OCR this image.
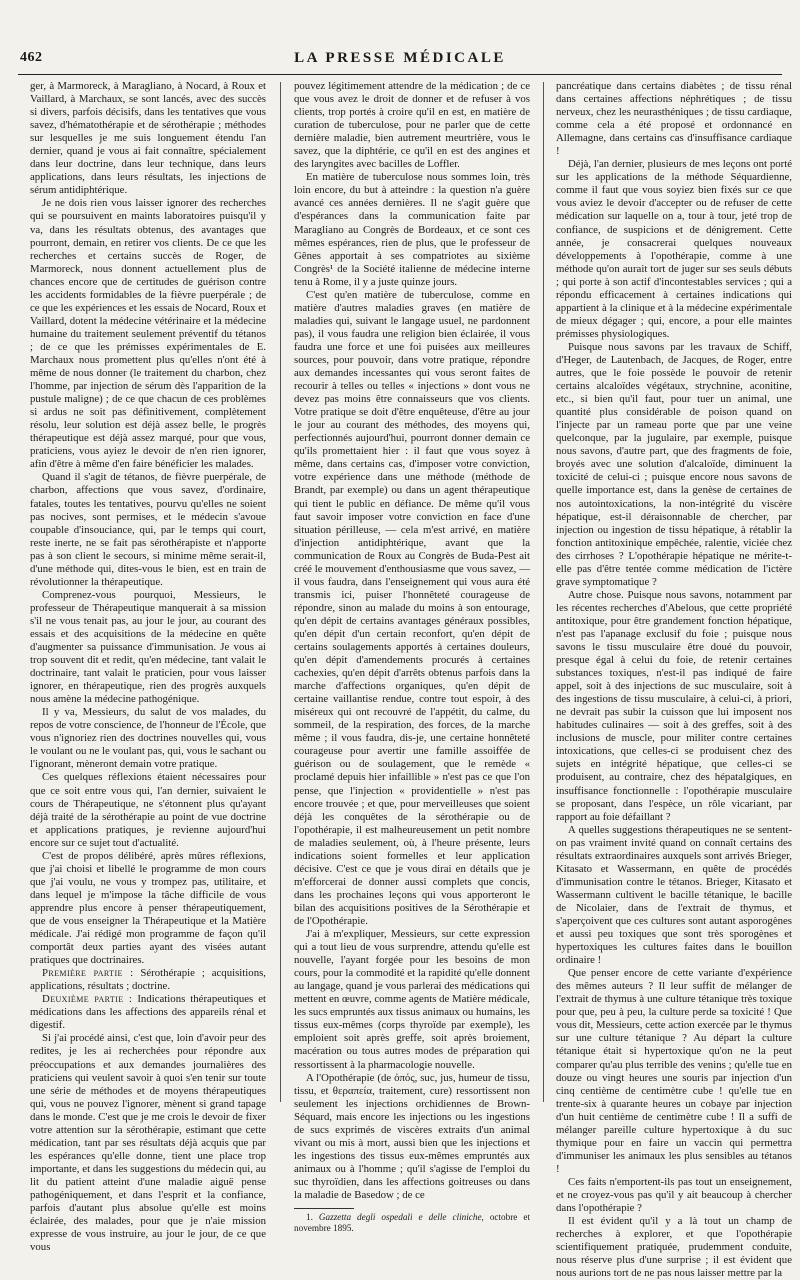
462	LA PRESSE MÉDICALE

ger, à Marmoreck, à Maragliano, à Nocard, à Roux et Vaillard, à Marchaux, se sont lancés, avec des succès si divers, parfois décisifs, dans les tentatives que vous savez, d'hématothérapie et de sérothérapie ; méthodes sur lesquelles je me suis longuement étendu l'an dernier, quand je vous ai fait connaître, spécialement dans leur doctrine, dans leur technique, dans leurs applications, dans leurs résultats, les injections de sérum antidiphtérique.

Je ne dois rien vous laisser ignorer des recherches qui se poursuivent en maints laboratoires puisqu'il y va, dans les résultats obtenus, des avantages que pourront, demain, en retirer vos clients. De ce que les recherches et certains succès de Roger, de Marmoreck, nous donnent actuellement plus de chances encore que de certitudes de guérison contre les accidents formidables de la fièvre puerpérale ; de ce que les expériences et les essais de Nocard, Roux et Vaillard, dotent la médecine vétérinaire et la médecine humaine du traitement seulement préventif du tétanos ; de ce que les prémisses expérimentales de E. Marchaux nous promettent plus qu'elles n'ont été à même de nous donner (le traitement du charbon, chez l'homme, par injection de sérum dès l'apparition de la pustule maligne) ; de ce que chacun de ces problèmes si ardus ne soit pas définitivement, complètement résolu, leur solution est déjà assez belle, le progrès thérapeutique est déjà assez marqué, pour que vous, praticiens, vous ayiez le devoir de n'en rien ignorer, afin d'être à même d'en faire bénéficier les malades.

Quand il s'agit de tétanos, de fièvre puerpérale, de charbon, affections que vous savez, d'ordinaire, fatales, toutes les tentatives, pourvu qu'elles ne soient pas nocives, sont permises, et le médecin s'avoue coupable d'insouciance, qui, par le temps qui court, reste inerte, ne se fait pas sérothérapiste et n'apporte pas à son client le secours, si minime même serait-il, d'une méthode qui, dites-vous le bien, est en train de révolutionner la thérapeutique.

Comprenez-vous pourquoi, Messieurs, le professeur de Thérapeutique manquerait à sa mission s'il ne vous tenait pas, au jour le jour, au courant des essais et des acquisitions de la médecine en quête d'augmenter sa puissance d'immunisation. Je vous ai trop souvent dit et redit, qu'en médecine, tant valait le doctrinaire, tant valait le praticien, pour vous laisser ignorer, en thérapeutique, rien des progrès auxquels nous amène la médecine pathogénique.

Il y va, Messieurs, du salut de vos malades, du repos de votre conscience, de l'honneur de l'École, que vous n'ignoriez rien des doctrines nouvelles qui, vous le voulant ou ne le voulant pas, qui, vous le sachant ou l'ignorant, mèneront demain votre pratique.

Ces quelques réflexions étaient nécessaires pour que ce soit entre vous qui, l'an dernier, suivaient le cours de Thérapeutique, ne s'étonnent plus qu'ayant déjà traité de la sérothérapie au point de vue doctrine et applications pratiques, je revienne aujourd'hui encore sur ce sujet tout d'actualité.

C'est de propos délibéré, après mûres réflexions, que j'ai choisi et libellé le programme de mon cours que j'ai voulu, ne vous y trompez pas, utilitaire, et dans lequel je m'impose la tâche difficile de vous apprendre plus encore à penser thérapeutiquement, que de vous enseigner la Thérapeutique et la Matière médicale. J'ai rédigé mon programme de façon qu'il comportât deux parties ayant des visées autant pratiques que doctrinaires.

Première partie : Sérothérapie ; acquisitions, applications, résultats ; doctrine.

Deuxième partie : Indications thérapeutiques et médications dans les affections des appareils rénal et digestif.

Si j'ai procédé ainsi, c'est que, loin d'avoir peur des redites, je les ai recherchées pour répondre aux préoccupations et aux demandes journalières des praticiens qui veulent savoir à quoi s'en tenir sur toute une série de méthodes et de moyens thérapeutiques qui, vous ne pouvez l'ignorer, mènent si grand tapage dans le monde. C'est que je me crois le devoir de fixer votre attention sur la sérothérapie, estimant que cette médication, tant par ses résultats déjà acquis que par les espérances qu'elle donne, tient une place trop importante, et dans les suggestions du médecin qui, au lit du patient atteint d'une maladie aiguë pense pathogéniquement, et dans l'esprit et la confiance, parfois d'autant plus absolue qu'elle est moins éclairée, des malades, pour que je n'aie mission expresse de vous instruire, au jour le jour, de ce que vous

pouvez légitimement attendre de la médication ; de ce que vous avez le droit de donner et de refuser à vos clients, trop portés à croire qu'il en est, en matière de curation de tuberculose, pour ne parler que de cette dernière maladie, bien autrement meurtrière, vous le savez, que la diphtérie, ce qu'il en est des angines et des laryngites avec bacilles de Loffler.

En matière de tuberculose nous sommes loin, très loin encore, du but à atteindre : la question n'a guère avancé ces années dernières. Il ne s'agit guère que d'espérances dans la communication faite par Maragliano au Congrès de Bordeaux, et ce sont ces mêmes espérances, rien de plus, que le professeur de Gênes apportait à ses compatriotes au sixième Congrès¹ de la Société italienne de médecine interne tenu à Rome, il y a juste quinze jours.

C'est qu'en matière de tuberculose, comme en matière d'autres maladies graves (en matière de maladies qui, suivant le langage usuel, ne pardonnent pas), il vous faudra une religion bien éclairée, il vous faudra une force et une foi puisées aux meilleures sources, pour pouvoir, dans votre pratique, répondre aux demandes incessantes qui vous seront faites de recourir à telles ou telles « injections » dont vous ne devez pas moins être connaisseurs que vos clients. Votre pratique se doit d'être enquêteuse, d'être au jour le jour au courant des méthodes, des moyens qui, perfectionnés aujourd'hui, pourront donner demain ce qu'ils promettaient hier : il faut que vous soyez à même, dans certains cas, d'imposer votre conviction, votre expérience dans une méthode (méthode de Brandt, par exemple) ou dans un agent thérapeutique qui tient le public en défiance. De même qu'il vous faut savoir imposer votre conviction en face d'une situation périlleuse, — cela m'est arrivé, en matière d'injection antidiphtérique, avant que la communication de Roux au Congrès de Buda-Pest ait créé le mouvement d'enthousiasme que vous savez, — il vous faudra, dans l'enseignement qui vous aura été transmis ici, puiser l'honnêteté courageuse de répondre, sinon au malade du moins à son entourage, qu'en dépit de certains avantages généraux possibles, qu'en dépit d'un certain reconfort, qu'en dépit de certains soulagements apportés à certaines douleurs, qu'en dépit d'amendements procurés à certaines cachexies, qu'en dépit d'arrêts obtenus parfois dans la marche d'affections organiques, qu'en dépit de certaine vaillantise rendue, contre tout espoir, à des miséreux qui ont recouvré de l'appétit, du calme, du sommeil, de la respiration, des forces, de la marche même ; il vous faudra, dis-je, une certaine honnêteté courageuse pour avertir une famille assoiffée de guérison ou de soulagement, que le remède « proclamé depuis hier infaillible » n'est pas ce que l'on pense, que l'injection « providentielle » n'est pas encore trouvée ; et que, pour merveilleuses que soient déjà les conquêtes de la sérothérapie ou de l'opothérapie, il est malheureusement un petit nombre de maladies seulement, où, à l'heure présente, leurs indications soient formelles et leur application décisive. C'est ce que je vous dirai en détails que je m'efforcerai de donner aussi complets que concis, dans les prochaines leçons qui vous apporteront le bilan des acquisitions positives de la Sérothérapie et de l'Opothérapie.

J'ai à m'expliquer, Messieurs, sur cette expression qui a tout lieu de vous surprendre, attendu qu'elle est nouvelle, l'ayant forgée pour les besoins de mon cours, pour la commodité et la rapidité qu'elle donnent au langage, quand je vous parlerai des médications qui mettent en œuvre, comme agents de Matière médicale, les sucs empruntés aux tissus animaux ou humains, les tissus eux-mêmes (corps thyroïde par exemple), les emploient soit après greffe, soit après broiement, macération ou tous autres modes de préparation qui ressortissent à la pharmacologie nouvelle.

A l'Opothérapie (de ὀπός, suc, jus, humeur de tissu, tissu, et θεραπεία, traitement, cure) ressortissent non seulement les injections orchidiennes de Brown-Séquard, mais encore les injections ou les ingestions de sucs exprimés de viscères extraits d'un animal vivant ou mis à mort, aussi bien que les injections et les ingestions des tissus eux-mêmes empruntés aux animaux ou à l'homme ; qu'il s'agisse de l'emploi du suc thyroïdien, dans les affections goitreuses ou dans la maladie de Basedow ; de ce

1. Gazzetta degli ospedali e delle cliniche, octobre et novembre 1895.

pancréatique dans certains diabètes ; de tissu rénal dans certaines affections néphrétiques ; de tissu nerveux, chez les neurasthéniques ; de tissu cardiaque, comme cela a été proposé et ordonnancé en Allemagne, dans certains cas d'insuffisance cardiaque !

Déjà, l'an dernier, plusieurs de mes leçons ont porté sur les applications de la méthode Séquardienne, comme il faut que vous soyiez bien fixés sur ce que vous aviez le devoir d'accepter ou de refuser de cette médication sur laquelle on a, tour à tour, jeté trop de confiance, de suspicions et de dénigrement. Cette année, je consacrerai quelques nouveaux développements à l'opothérapie, comme à une méthode qu'on aurait tort de juger sur ses seuls débuts ; qui porte à son actif d'incontestables services ; qui a répondu efficacement à certaines indications qui appartient à la clinique et à la médecine expérimentale de mieux dégager ; qui, encore, a pour elle maintes prémisses physiologiques.

Puisque nous savons par les travaux de Schiff, d'Heger, de Lautenbach, de Jacques, de Roger, entre autres, que le foie possède le pouvoir de retenir certains alcaloïdes végétaux, strychnine, aconitine, etc., si bien qu'il faut, pour tuer un animal, une quantité plus considérable de poison quand on l'injecte par un rameau porte que par une veine quelconque, par la jugulaire, par exemple, puisque nous savons, d'autre part, que des fragments de foie, broyés avec une solution d'alcaloïde, diminuent la toxicité de celui-ci ; puisque encore nous savons de quelle importance est, dans la genèse de certaines de nos autointoxications, la non-intégrité du viscère hépatique, est-il déraisonnable de chercher, par injection ou ingestion de tissu hépatique, à rétablir la fonction antitoxinique empêchée, ralentie, viciée chez des cirrhoses ? L'opothérapie hépatique ne mérite-t-elle pas d'être tentée comme médication de l'ictère grave symptomatique ?

Autre chose. Puisque nous savons, notamment par les récentes recherches d'Abelous, que cette propriété antitoxique, pour être grandement fonction hépatique, n'est pas l'apanage exclusif du foie ; puisque nous savons le tissu musculaire être doué du pouvoir, presque égal à celui du foie, de retenir certaines substances toxiques, n'est-il pas indiqué de faire appel, soit à des injections de suc musculaire, soit à des ingestions de tissu musculaire, à celui-ci, à priori, ne devrait pas subir la cuisson que lui imposent nos habitudes culinaires — soit à des greffes, soit à des inclusions de muscle, pour militer contre certaines intoxications, que celles-ci se produisent chez des sujets en intégrité hépatique, que celles-ci se produisent, au contraire, chez des hépatalgiques, en insuffisance fonctionnelle : l'opothérapie musculaire se proposant, dans l'espèce, un rôle vicariant, par rapport au foie défaillant ?

A quelles suggestions thérapeutiques ne se sentent-on pas vraiment invité quand on connaît certains des résultats extraordinaires auxquels sont arrivés Brieger, Kitasato et Wassermann, en quête de procédés d'immunisation contre le tétanos. Brieger, Kitasato et Wassermann cultivent le bacille tétanique, le bacille de Nicolaier, dans de l'extrait de thymus, et s'aperçoivent que ces cultures sont autant asporogènes et aussi peu toxiques que sont très sporogènes et hypertoxiques les cultures faites dans le bouillon ordinaire !

Que penser encore de cette variante d'expérience des mêmes auteurs ? Il leur suffit de mélanger de l'extrait de thymus à une culture tétanique très toxique pour que, peu à peu, la culture perde sa toxicité ! Que vous dit, Messieurs, cette action exercée par le thymus sur une culture tétanique ? Au départ la culture tétanique était si hypertoxique qu'on ne la peut comparer qu'au plus terrible des venins ; qu'elle tue en douze ou vingt heures une souris par injection d'un cinq centième de centimètre cube ! qu'elle tue en trente-six à quarante heures un cobaye par injection d'un huit centième de centimètre cube ! Il a suffi de mélanger pareille culture hypertoxique à du suc thymique pour en faire un vaccin qui permettra d'immuniser les animaux les plus sensibles au tétanos !

Ces faits n'emportent-ils pas tout un enseignement, et ne croyez-vous pas qu'il y ait beaucoup à chercher dans l'opothérapie ?

Il est évident qu'il y a là tout un champ de recherches à explorer, et que l'opothérapie scientifiquement pratiquée, prudemment conduite, nous réserve plus d'une surprise ; il est évident que nous aurions tort de ne pas nous laisser mettre par la
